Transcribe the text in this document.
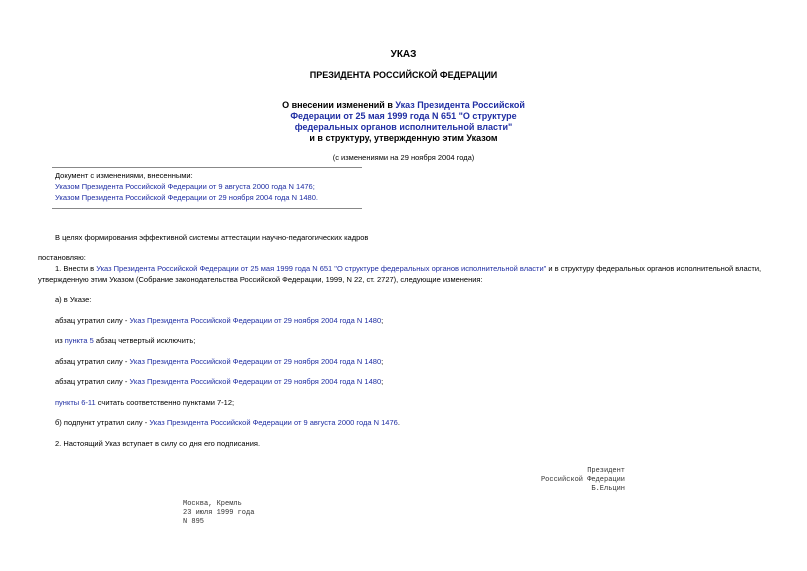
УКАЗ
ПРЕЗИДЕНТА РОССИЙСКОЙ ФЕДЕРАЦИИ
О внесении изменений в Указ Президента Российской
Федерации от 25 мая 1999 года N 651 "О структуре
федеральных органов исполнительной власти"
и в структуру, утвержденную этим Указом
(с изменениями на 29 ноября 2004 года)
Документ с изменениями, внесенными:
Указом Президента Российской Федерации от 9 августа 2000 года N 1476;
Указом Президента Российской Федерации от 29 ноября 2004 года N 1480.
В целях формирования эффективной системы аттестации научно-педагогических кадров
постановляю:
1. Внести в Указ Президента Российской Федерации от 25 мая 1999 года N 651 "О структуре федеральных органов исполнительной власти" и в структуру федеральных органов исполнительной власти,
утвержденную этим Указом (Собрание законодательства Российской Федерации, 1999, N 22, ст. 2727), следующие изменения:
а) в Указе:
абзац утратил силу - Указ Президента Российской Федерации от 29 ноября 2004 года N 1480;
из пункта 5 абзац четвертый исключить;
абзац утратил силу - Указ Президента Российской Федерации от 29 ноября 2004 года N 1480;
абзац утратил силу - Указ Президента Российской Федерации от 29 ноября 2004 года N 1480;
пункты 6-11 считать соответственно пунктами 7-12;
б) подпункт утратил силу - Указ Президента Российской Федерации от 9 августа 2000 года N 1476.
2. Настоящий Указ вступает в силу со дня его подписания.
Президент
Российской Федерации
Б.Ельцин
Москва, Кремль
23 июля 1999 года
N 895
